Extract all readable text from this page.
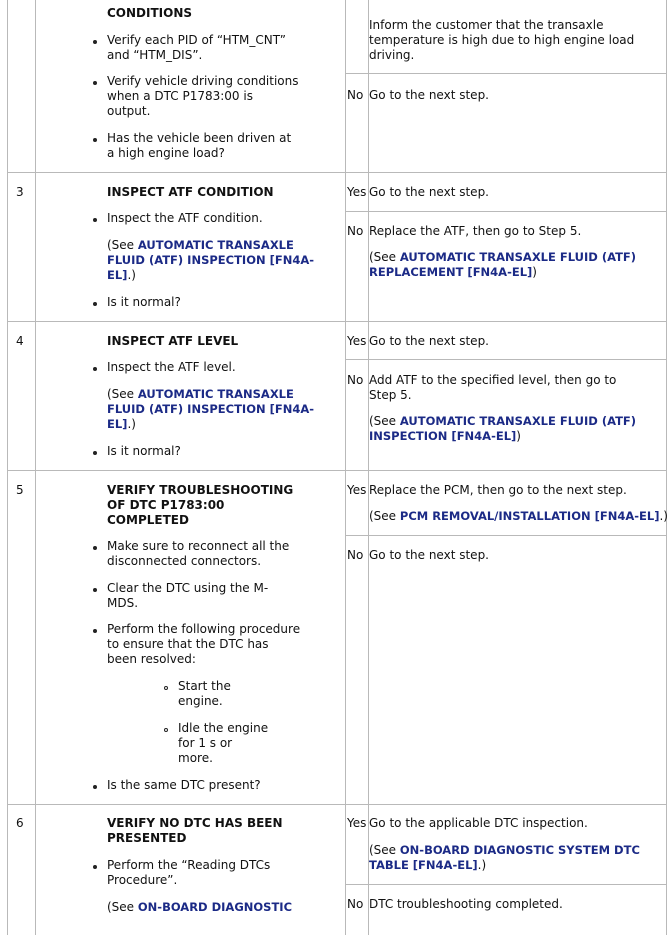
CONDITIONS
Verify each PID of “HTM_CNT”
and “HTM_DIS”.
Verify vehicle driving conditions
when a DTC P1783:00 is
output.
Has the vehicle been driven at
a high engine load?
Inform the customer that the transaxle
temperature is high due to high engine load
driving.
No Go to the next step.
3	INSPECT ATF CONDITION
Inspect the ATF condition.
(See AUTOMATIC TRANSAXLE
FLUID (ATF) INSPECTION [FN4A-
EL].)
Is it normal?
Yes Go to the next step.
No Replace the ATF, then go to Step 5.
(See AUTOMATIC TRANSAXLE FLUID (ATF)
REPLACEMENT [FN4A-EL])
4	INSPECT ATF LEVEL
Inspect the ATF level.
(See AUTOMATIC TRANSAXLE
FLUID (ATF) INSPECTION [FN4A-
EL].)
Is it normal?
Yes Go to the next step.
No Add ATF to the specified level, then go to
Step 5.
(See AUTOMATIC TRANSAXLE FLUID (ATF)
INSPECTION [FN4A-EL])
5	VERIFY TROUBLESHOOTING
OF DTC P1783:00
COMPLETED
Make sure to reconnect all the
disconnected connectors.
Clear the DTC using the M-
MDS.
Perform the following procedure
to ensure that the DTC has
been resolved:
Start the
engine.
Idle the engine
for 1 s or
more.
Is the same DTC present?
Yes Replace the PCM, then go to the next step.
(See PCM REMOVAL/INSTALLATION [FN4A-EL].)
No Go to the next step.
6	VERIFY NO DTC HAS BEEN
PRESENTED
Perform the “Reading DTCs
Procedure”.
(See ON-BOARD DIAGNOSTIC
Yes Go to the applicable DTC inspection.
(See ON-BOARD DIAGNOSTIC SYSTEM DTC
TABLE [FN4A-EL].)
No DTC troubleshooting completed.
